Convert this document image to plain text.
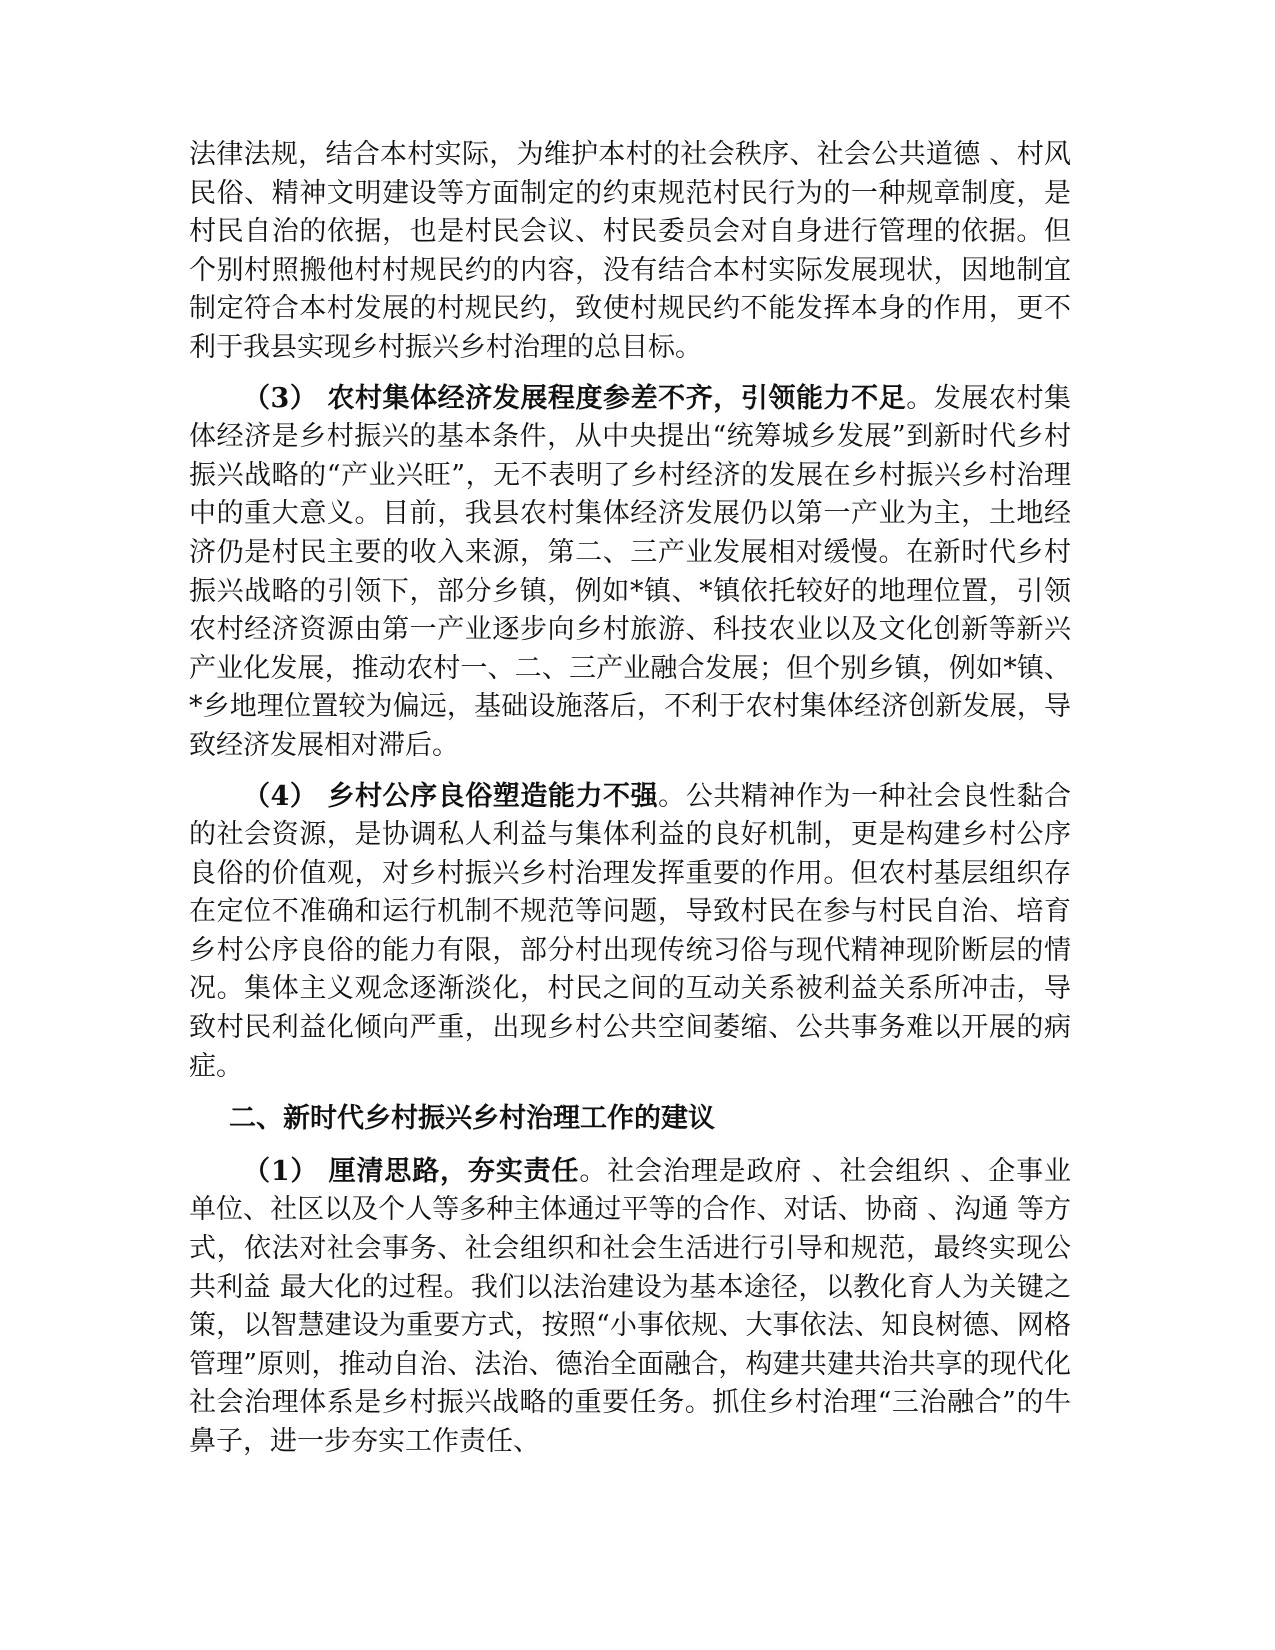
法律法规，结合本村实际，为维护本村的社会秩序、社会公共道德 、村风民俗、精神文明建设等方面制定的约束规范村民行为的一种规章制度，是村民自治的依据，也是村民会议、村民委员会对自身进行管理的依据。但个别村照搬他村村规民约的内容，没有结合本村实际发展现状，因地制宜制定符合本村发展的村规民约，致使村规民约不能发挥本身的作用，更不利于我县实现乡村振兴乡村治理的总目标。

（3） 农村集体经济发展程度参差不齐，引领能力不足。发展农村集体经济是乡村振兴的基本条件，从中央提出“统筹城乡发展”到新时代乡村振兴战略的“产业兴旺”，无不表明了乡村经济的发展在乡村振兴乡村治理中的重大意义。目前，我县农村集体经济发展仍以第一产业为主，土地经济仍是村民主要的收入来源，第二、三产业发展相对缓慢。在新时代乡村振兴战略的引领下，部分乡镇，例如*镇、*镇依托较好的地理位置，引领农村经济资源由第一产业逐步向乡村旅游、科技农业以及文化创新等新兴产业化发展，推动农村一、二、三产业融合发展；但个别乡镇，例如*镇、*乡地理位置较为偏远，基础设施落后，不利于农村集体经济创新发展，导致经济发展相对滞后。

（4） 乡村公序良俗塑造能力不强。公共精神作为一种社会良性黏合的社会资源，是协调私人利益与集体利益的良好机制，更是构建乡村公序良俗的价值观，对乡村振兴乡村治理发挥重要的作用。但农村基层组织存在定位不准确和运行机制不规范等问题，导致村民在参与村民自治、培育乡村公序良俗的能力有限，部分村出现传统习俗与现代精神现阶断层的情况。集体主义观念逐渐淡化，村民之间的互动关系被利益关系所冲击，导致村民利益化倾向严重，出现乡村公共空间萎缩、公共事务难以开展的病症。

二、新时代乡村振兴乡村治理工作的建议

（1） 厘清思路，夯实责任。社会治理是政府 、社会组织 、企事业单位、社区以及个人等多种主体通过平等的合作、对话、协商 、沟通 等方式，依法对社会事务、社会组织和社会生活进行引导和规范，最终实现公共利益 最大化的过程。我们以法治建设为基本途径，以教化育人为关键之策，以智慧建设为重要方式，按照“小事依规、大事依法、知良树德、网格管理”原则，推动自治、法治、德治全面融合，构建共建共治共享的现代化社会治理体系是乡村振兴战略的重要任务。抓住乡村治理“三治融合”的牛鼻子，进一步夯实工作责任、
